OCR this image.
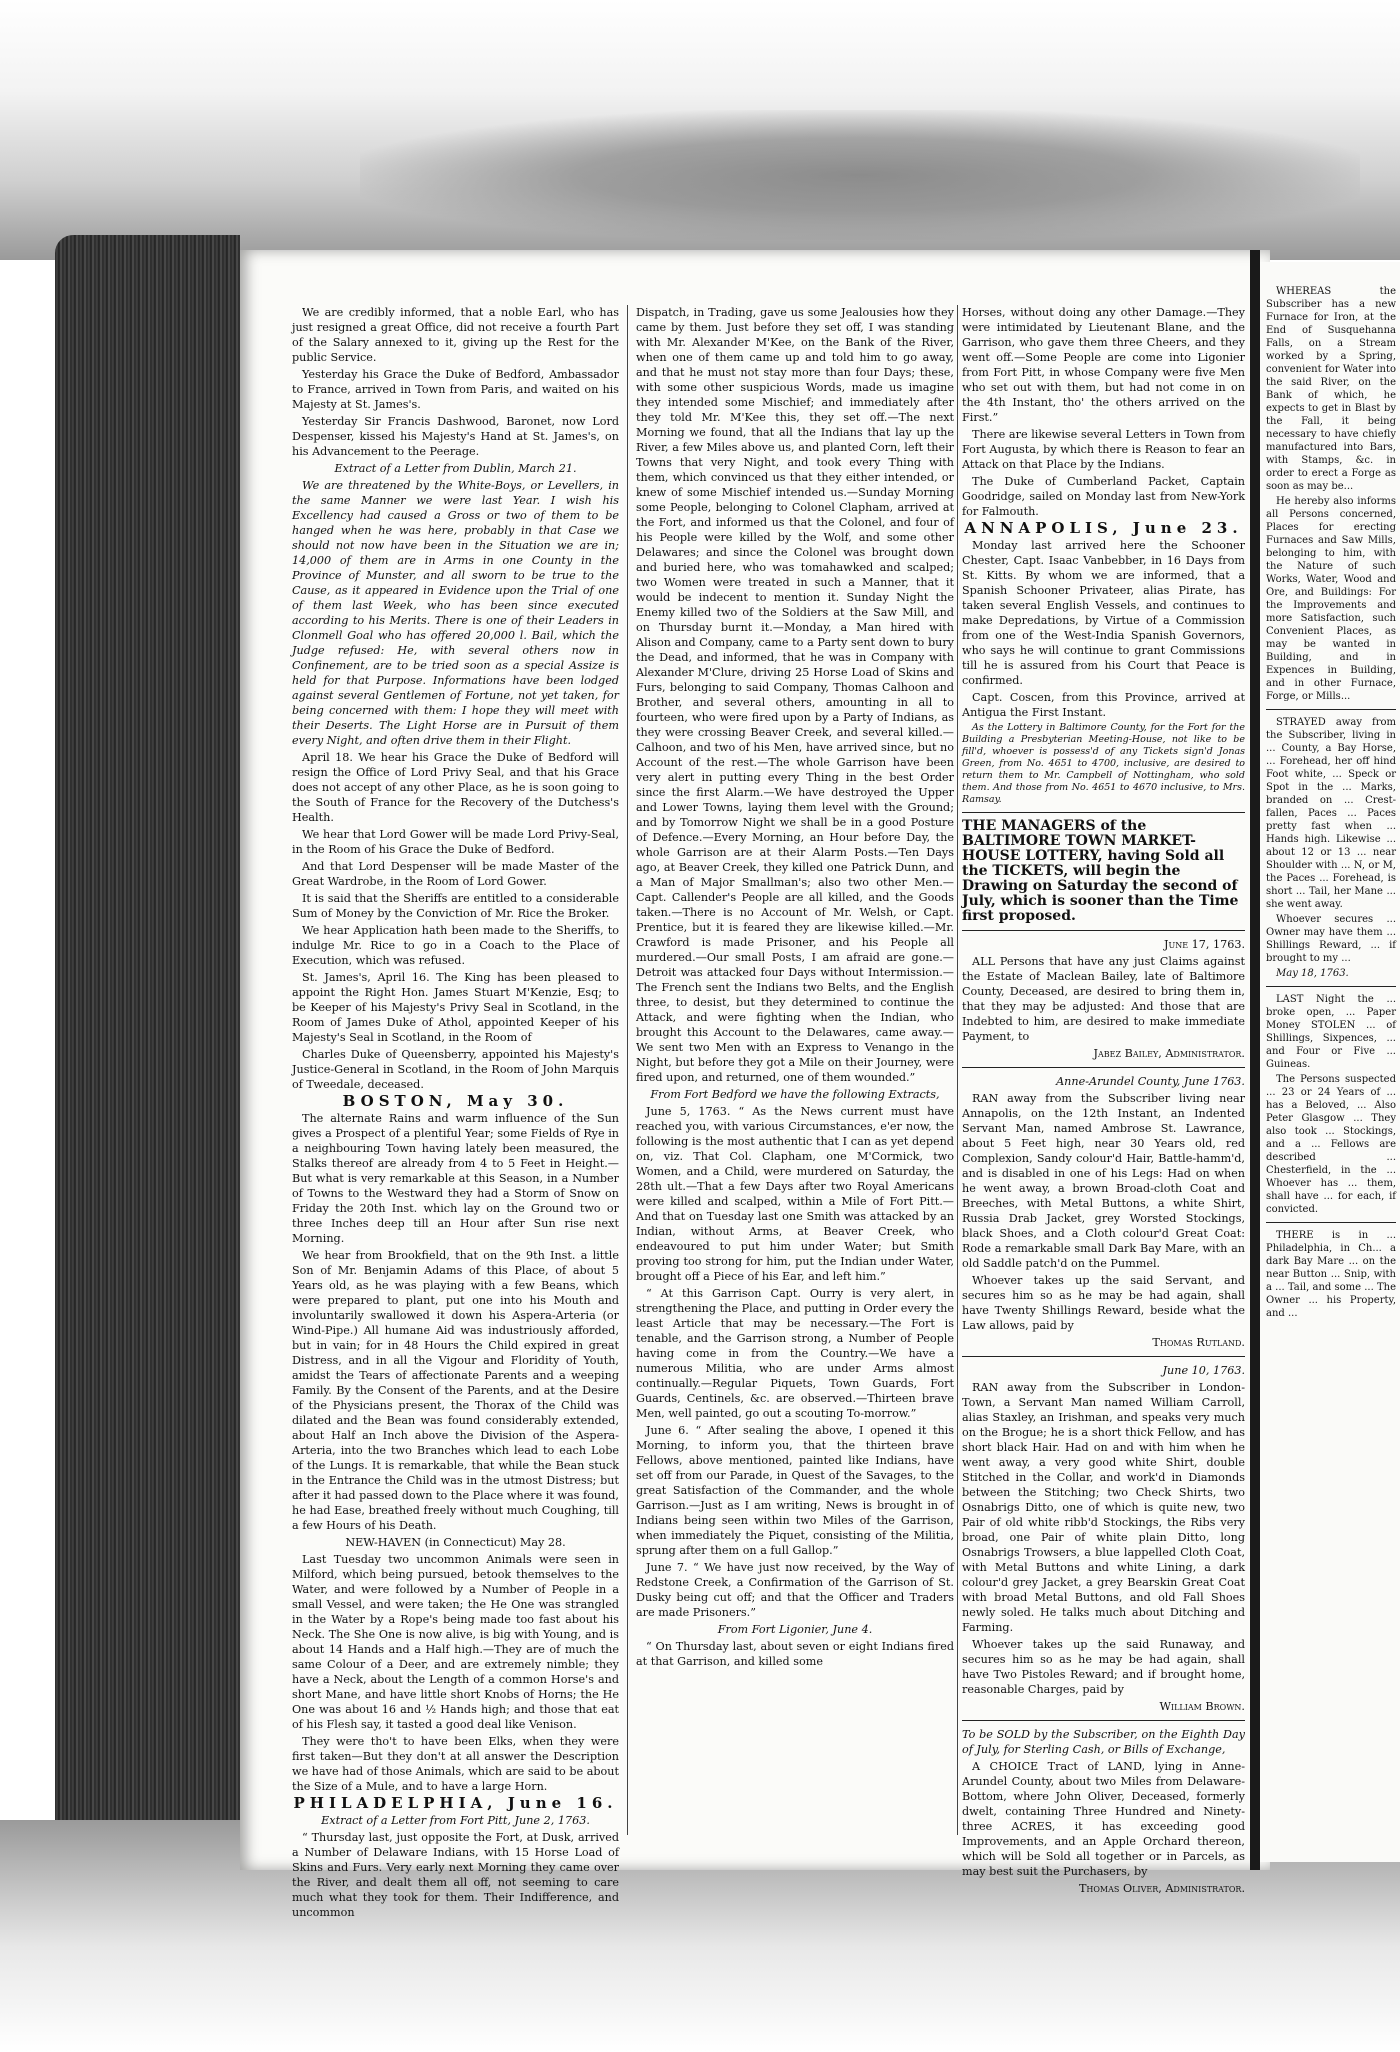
We are credibly informed, that a noble Earl, who has just resigned a great Office, did not receive a fourth Part of the Salary annexed to it, giving up the Rest for the public Service.

Yesterday his Grace the Duke of Bedford, Ambassador to France, arrived in Town from Paris, and waited on his Majesty at St. James's.

Yesterday Sir Francis Dashwood, Baronet, now Lord Despenser, kissed his Majesty's Hand at St. James's, on his Advancement to the Peerage.

Extract of a Letter from Dublin, March 21.

We are threatened by the White-Boys, or Levellers, in the same Manner we were last Year. I wish his Excellency had caused a Gross or two of them to be hanged when he was here, probably in that Case we should not now have been in the Situation we are in; 14,000 of them are in Arms in one County in the Province of Munster, and all sworn to be true to the Cause, as it appeared in Evidence upon the Trial of one of them last Week, who has been since executed according to his Merits. There is one of their Leaders in Clonmell Goal who has offered 20,000 l. Bail, which the Judge refused: He, with several others now in Confinement, are to be tried soon as a special Assize is held for that Purpose. Informations have been lodged against several Gentlemen of Fortune, not yet taken, for being concerned with them: I hope they will meet with their Deserts. The Light Horse are in Pursuit of them every Night, and often drive them in their Flight.

April 18. We hear his Grace the Duke of Bedford will resign the Office of Lord Privy Seal, and that his Grace does not accept of any other Place, as he is soon going to the South of France for the Recovery of the Dutchess's Health.

We hear that Lord Gower will be made Lord Privy-Seal, in the Room of his Grace the Duke of Bedford.

And that Lord Despenser will be made Master of the Great Wardrobe, in the Room of Lord Gower.

It is said that the Sheriffs are entitled to a considerable Sum of Money by the Conviction of Mr. Rice the Broker.

We hear Application hath been made to the Sheriffs, to indulge Mr. Rice to go in a Coach to the Place of Execution, which was refused.

St. James's, April 16. The King has been pleased to appoint the Right Hon. James Stuart M'Kenzie, Esq; to be Keeper of his Majesty's Privy Seal in Scotland, in the Room of James Duke of Athol, appointed Keeper of his Majesty's Seal in Scotland, in the Room of

Charles Duke of Queensberry, appointed his Majesty's Justice-General in Scotland, in the Room of John Marquis of Tweedale, deceased.

BOSTON, May 30.

The alternate Rains and warm influence of the Sun gives a Prospect of a plentiful Year; some Fields of Rye in a neighbouring Town having lately been measured, the Stalks thereof are already from 4 to 5 Feet in Height.—But what is very remarkable at this Season, in a Number of Towns to the Westward they had a Storm of Snow on Friday the 20th Inst. which lay on the Ground two or three Inches deep till an Hour after Sun rise next Morning.

We hear from Brookfield, that on the 9th Inst. a little Son of Mr. Benjamin Adams of this Place, of about 5 Years old, as he was playing with a few Beans, which were prepared to plant, put one into his Mouth and involuntarily swallowed it down his Aspera-Arteria (or Wind-Pipe.) All humane Aid was industriously afforded, but in vain; for in 48 Hours the Child expired in great Distress, and in all the Vigour and Floridity of Youth, amidst the Tears of affectionate Parents and a weeping Family. By the Consent of the Parents, and at the Desire of the Physicians present, the Thorax of the Child was dilated and the Bean was found considerably extended, about Half an Inch above the Division of the Aspera-Arteria, into the two Branches which lead to each Lobe of the Lungs. It is remarkable, that while the Bean stuck in the Entrance the Child was in the utmost Distress; but after it had passed down to the Place where it was found, he had Ease, breathed freely without much Coughing, till a few Hours of his Death.

NEW-HAVEN (in Connecticut) May 28.

Last Tuesday two uncommon Animals were seen in Milford, which being pursued, betook themselves to the Water, and were followed by a Number of People in a small Vessel, and were taken; the He One was strangled in the Water by a Rope's being made too fast about his Neck. The She One is now alive, is big with Young, and is about 14 Hands and a Half high.—They are of much the same Colour of a Deer, and are extremely nimble; they have a Neck, about the Length of a common Horse's and short Mane, and have little short Knobs of Horns; the He One was about 16 and ½ Hands high; and those that eat of his Flesh say, it tasted a good deal like Venison.

They were tho't to have been Elks, when they were first taken—But they don't at all answer the Description we have had of those Animals, which are said to be about the Size of a Mule, and to have a large Horn.

PHILADELPHIA, June 16.

Extract of a Letter from Fort Pitt, June 2, 1763.

“ Thursday last, just opposite the Fort, at Dusk, arrived a Number of Delaware Indians, with 15 Horse Load of Skins and Furs. Very early next Morning they came over the River, and dealt them all off, not seeming to care much what they took for them. Their Indifference, and uncommon

Dispatch, in Trading, gave us some Jealousies how they came by them. Just before they set off, I was standing with Mr. Alexander M'Kee, on the Bank of the River, when one of them came up and told him to go away, and that he must not stay more than four Days; these, with some other suspicious Words, made us imagine they intended some Mischief; and immediately after they told Mr. M'Kee this, they set off.—The next Morning we found, that all the Indians that lay up the River, a few Miles above us, and planted Corn, left their Towns that very Night, and took every Thing with them, which convinced us that they either intended, or knew of some Mischief intended us.—Sunday Morning some People, belonging to Colonel Clapham, arrived at the Fort, and informed us that the Colonel, and four of his People were killed by the Wolf, and some other Delawares; and since the Colonel was brought down and buried here, who was tomahawked and scalped; two Women were treated in such a Manner, that it would be indecent to mention it. Sunday Night the Enemy killed two of the Soldiers at the Saw Mill, and on Thursday burnt it.—Monday, a Man hired with Alison and Company, came to a Party sent down to bury the Dead, and informed, that he was in Company with Alexander M'Clure, driving 25 Horse Load of Skins and Furs, belonging to said Company, Thomas Calhoon and Brother, and several others, amounting in all to fourteen, who were fired upon by a Party of Indians, as they were crossing Beaver Creek, and several killed.—Calhoon, and two of his Men, have arrived since, but no Account of the rest.—The whole Garrison have been very alert in putting every Thing in the best Order since the first Alarm.—We have destroyed the Upper and Lower Towns, laying them level with the Ground; and by Tomorrow Night we shall be in a good Posture of Defence.—Every Morning, an Hour before Day, the whole Garrison are at their Alarm Posts.—Ten Days ago, at Beaver Creek, they killed one Patrick Dunn, and a Man of Major Smallman's; also two other Men.—Capt. Callender's People are all killed, and the Goods taken.—There is no Account of Mr. Welsh, or Capt. Prentice, but it is feared they are likewise killed.—Mr. Crawford is made Prisoner, and his People all murdered.—Our small Posts, I am afraid are gone.—Detroit was attacked four Days without Intermission.—The French sent the Indians two Belts, and the English three, to desist, but they determined to continue the Attack, and were fighting when the Indian, who brought this Account to the Delawares, came away.—We sent two Men with an Express to Venango in the Night, but before they got a Mile on their Journey, were fired upon, and returned, one of them wounded.”

From Fort Bedford we have the following Extracts,

June 5, 1763. “ As the News current must have reached you, with various Circumstances, e'er now, the following is the most authentic that I can as yet depend on, viz. That Col. Clapham, one M'Cormick, two Women, and a Child, were murdered on Saturday, the 28th ult.—That a few Days after two Royal Americans were killed and scalped, within a Mile of Fort Pitt.—And that on Tuesday last one Smith was attacked by an Indian, without Arms, at Beaver Creek, who endeavoured to put him under Water; but Smith proving too strong for him, put the Indian under Water, brought off a Piece of his Ear, and left him.”

“ At this Garrison Capt. Ourry is very alert, in strengthening the Place, and putting in Order every the least Article that may be necessary.—The Fort is tenable, and the Garrison strong, a Number of People having come in from the Country.—We have a numerous Militia, who are under Arms almost continually.—Regular Piquets, Town Guards, Fort Guards, Centinels, &c. are observed.—Thirteen brave Men, well painted, go out a scouting To-morrow.”

June 6. “ After sealing the above, I opened it this Morning, to inform you, that the thirteen brave Fellows, above mentioned, painted like Indians, have set off from our Parade, in Quest of the Savages, to the great Satisfaction of the Commander, and the whole Garrison.—Just as I am writing, News is brought in of Indians being seen within two Miles of the Garrison, when immediately the Piquet, consisting of the Militia, sprung after them on a full Gallop.”

June 7. “ We have just now received, by the Way of Redstone Creek, a Confirmation of the Garrison of St. Dusky being cut off; and that the Officer and Traders are made Prisoners.”

From Fort Ligonier, June 4.

“ On Thursday last, about seven or eight Indians fired at that Garrison, and killed some

Horses, without doing any other Damage.—They were intimidated by Lieutenant Blane, and the Garrison, who gave them three Cheers, and they went off.—Some People are come into Ligonier from Fort Pitt, in whose Company were five Men who set out with them, but had not come in on the 4th Instant, tho' the others arrived on the First.”

There are likewise several Letters in Town from Fort Augusta, by which there is Reason to fear an Attack on that Place by the Indians.

The Duke of Cumberland Packet, Captain Goodridge, sailed on Monday last from New-York for Falmouth.

ANNAPOLIS, June 23.

Monday last arrived here the Schooner Chester, Capt. Isaac Vanbebber, in 16 Days from St. Kitts. By whom we are informed, that a Spanish Schooner Privateer, alias Pirate, has taken several English Vessels, and continues to make Depredations, by Virtue of a Commission from one of the West-India Spanish Governors, who says he will continue to grant Commissions till he is assured from his Court that Peace is confirmed.

Capt. Coscen, from this Province, arrived at Antigua the First Instant.

As the Lottery in Baltimore County, for the Fort for the Building a Presbyterian Meeting-House, not like to be fill'd, whoever is possess'd of any Tickets sign'd Jonas Green, from No. 4651 to 4700, inclusive, are desired to return them to Mr. Campbell of Nottingham, who sold them. And those from No. 4651 to 4670 inclusive, to Mrs. Ramsay.

THE MANAGERS of the BALTIMORE TOWN MARKET-HOUSE LOTTERY, having Sold all the TICKETS, will begin the Drawing on Saturday the second of July, which is sooner than the Time first proposed.

June 17, 1763.

ALL Persons that have any just Claims against the Estate of Maclean Bailey, late of Baltimore County, Deceased, are desired to bring them in, that they may be adjusted: And those that are Indebted to him, are desired to make immediate Payment, to

Jabez Bailey, Administrator.

Anne-Arundel County, June 1763.

RAN away from the Subscriber living near Annapolis, on the 12th Instant, an Indented Servant Man, named Ambrose St. Lawrance, about 5 Feet high, near 30 Years old, red Complexion, Sandy colour'd Hair, Battle-hamm'd, and is disabled in one of his Legs: Had on when he went away, a brown Broad-cloth Coat and Breeches, with Metal Buttons, a white Shirt, Russia Drab Jacket, grey Worsted Stockings, black Shoes, and a Cloth colour'd Great Coat: Rode a remarkable small Dark Bay Mare, with an old Saddle patch'd on the Pummel.

Whoever takes up the said Servant, and secures him so as he may be had again, shall have Twenty Shillings Reward, beside what the Law allows, paid by

Thomas Rutland.

June 10, 1763.

RAN away from the Subscriber in London-Town, a Servant Man named William Carroll, alias Staxley, an Irishman, and speaks very much on the Brogue; he is a short thick Fellow, and has short black Hair. Had on and with him when he went away, a very good white Shirt, double Stitched in the Collar, and work'd in Diamonds between the Stitching; two Check Shirts, two Osnabrigs Ditto, one of which is quite new, two Pair of old white ribb'd Stockings, the Ribs very broad, one Pair of white plain Ditto, long Osnabrigs Trowsers, a blue lappelled Cloth Coat, with Metal Buttons and white Lining, a dark colour'd grey Jacket, a grey Bearskin Great Coat with broad Metal Buttons, and old Fall Shoes newly soled. He talks much about Ditching and Farming.

Whoever takes up the said Runaway, and secures him so as he may be had again, shall have Two Pistoles Reward; and if brought home, reasonable Charges, paid by

William Brown.

To be SOLD by the Subscriber, on the Eighth Day of July, for Sterling Cash, or Bills of Exchange,

A CHOICE Tract of LAND, lying in Anne-Arundel County, about two Miles from Delaware-Bottom, where John Oliver, Deceased, formerly dwelt, containing Three Hundred and Ninety-three ACRES, it has exceeding good Improvements, and an Apple Orchard thereon, which will be Sold all together or in Parcels, as may best suit the Purchasers, by

Thomas Oliver, Administrator.

WHEREAS the Subscriber has a new Furnace for Iron, at the End of Susquehanna Falls, on a Stream worked by a Spring, convenient for Water into the said River, on the Bank of which, he expects to get in Blast by the Fall, it being necessary to have chiefly manufactured into Bars, with Stamps, &c. in order to erect a Forge as soon as may be...

He hereby also informs all Persons concerned, Places for erecting Furnaces and Saw Mills, belonging to him, with the Nature of such Works, Water, Wood and Ore, and Buildings: For the Improvements and more Satisfaction, such Convenient Places, as may be wanted in Building, and in Expences in Building, and in other Furnace, Forge, or Mills...

STRAYED away from the Subscriber, living in ... County, a Bay Horse, ... Forehead, her off hind Foot white, ... Speck or Spot in the ... Marks, branded on ... Crest-fallen, Paces ... Paces pretty fast when ... Hands high. Likewise ... about 12 or 13 ... near Shoulder with ... N, or M, the Paces ... Forehead, is short ... Tail, her Mane ... she went away.

Whoever secures ... Owner may have them ... Shillings Reward, ... if brought to my ...

May 18, 1763.

LAST Night the ... broke open, ... Paper Money STOLEN ... of Shillings, Sixpences, ... and Four or Five ... Guineas.

The Persons suspected ... 23 or 24 Years of ... has a Beloved, ... Also Peter Glasgow ... They also took ... Stockings, and a ... Fellows are described ... Chesterfield, in the ... Whoever has ... them, shall have ... for each, if convicted.

THERE is in ... Philadelphia, in Ch... a dark Bay Mare ... on the near Button ... Snip, with a ... Tail, and some ... The Owner ... his Property, and ...
